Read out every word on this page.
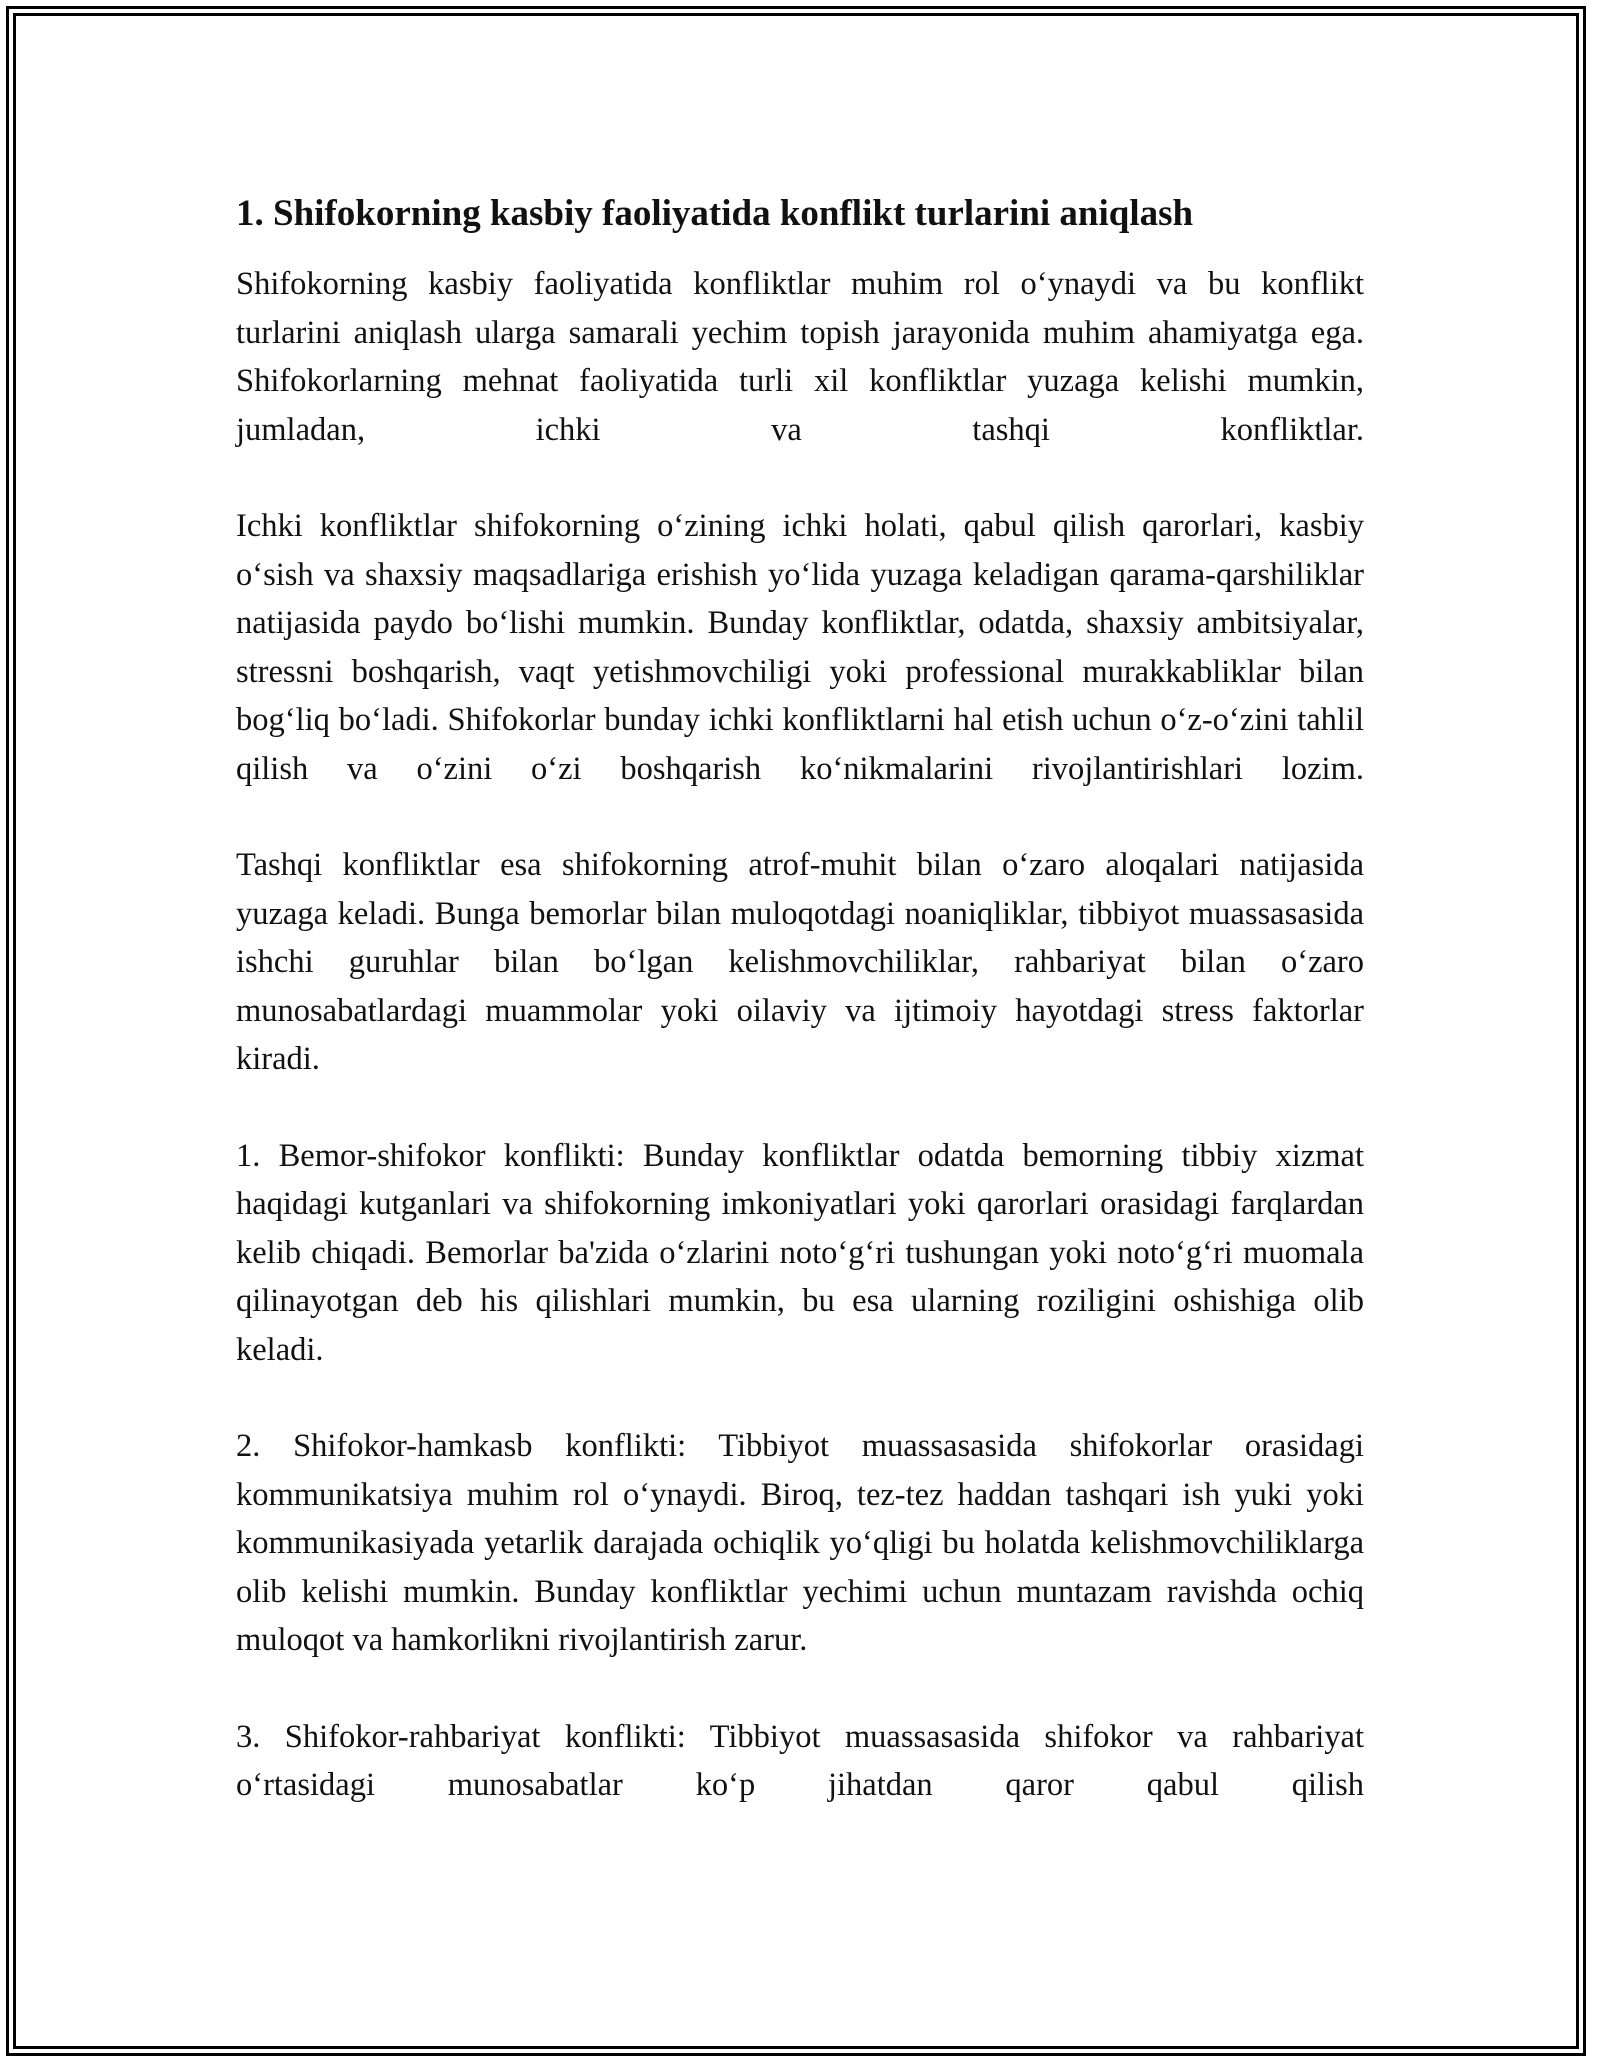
1. Shifokorning kasbiy faoliyatida konflikt turlarini aniqlash

Shifokorning kasbiy faoliyatida konfliktlar muhim rol o‘ynaydi va bu konflikt turlarini aniqlash ularga samarali yechim topish jarayonida muhim ahamiyatga ega. Shifokorlarning mehnat faoliyatida turli xil konfliktlar yuzaga kelishi mumkin, jumladan, ichki va tashqi konfliktlar.

Ichki konfliktlar shifokorning o‘zining ichki holati, qabul qilish qarorlari, kasbiy o‘sish va shaxsiy maqsadlariga erishish yo‘lida yuzaga keladigan qarama-qarshiliklar natijasida paydo bo‘lishi mumkin. Bunday konfliktlar, odatda, shaxsiy ambitsiyalar, stressni boshqarish, vaqt yetishmovchiligi yoki professional murakkabliklar bilan bog‘liq bo‘ladi. Shifokorlar bunday ichki konfliktlarni hal etish uchun o‘z-o‘zini tahlil qilish va o‘zini o‘zi boshqarish ko‘nikmalarini rivojlantirishlari lozim.

Tashqi konfliktlar esa shifokorning atrof-muhit bilan o‘zaro aloqalari natijasida yuzaga keladi. Bunga bemorlar bilan muloqotdagi noaniqliklar, tibbiyot muassasasida ishchi guruhlar bilan bo‘lgan kelishmovchiliklar, rahbariyat bilan o‘zaro munosabatlardagi muammolar yoki oilaviy va ijtimoiy hayotdagi stress faktorlar kiradi.

1. Bemor-shifokor konflikti: Bunday konfliktlar odatda bemorning tibbiy xizmat haqidagi kutganlari va shifokorning imkoniyatlari yoki qarorlari orasidagi farqlardan kelib chiqadi. Bemorlar ba'zida o‘zlarini noto‘g‘ri tushungan yoki noto‘g‘ri muomala qilinayotgan deb his qilishlari mumkin, bu esa ularning roziligini oshishiga olib keladi.

2. Shifokor-hamkasb konflikti: Tibbiyot muassasasida shifokorlar orasidagi kommunikatsiya muhim rol o‘ynaydi. Biroq, tez-tez haddan tashqari ish yuki yoki kommunikasiyada yetarlik darajada ochiqlik yo‘qligi bu holatda kelishmovchiliklarga olib kelishi mumkin. Bunday konfliktlar yechimi uchun muntazam ravishda ochiq muloqot va hamkorlikni rivojlantirish zarur.

3. Shifokor-rahbariyat konflikti: Tibbiyot muassasasida shifokor va rahbariyat o‘rtasidagi munosabatlar ko‘p jihatdan qaror qabul qilish
